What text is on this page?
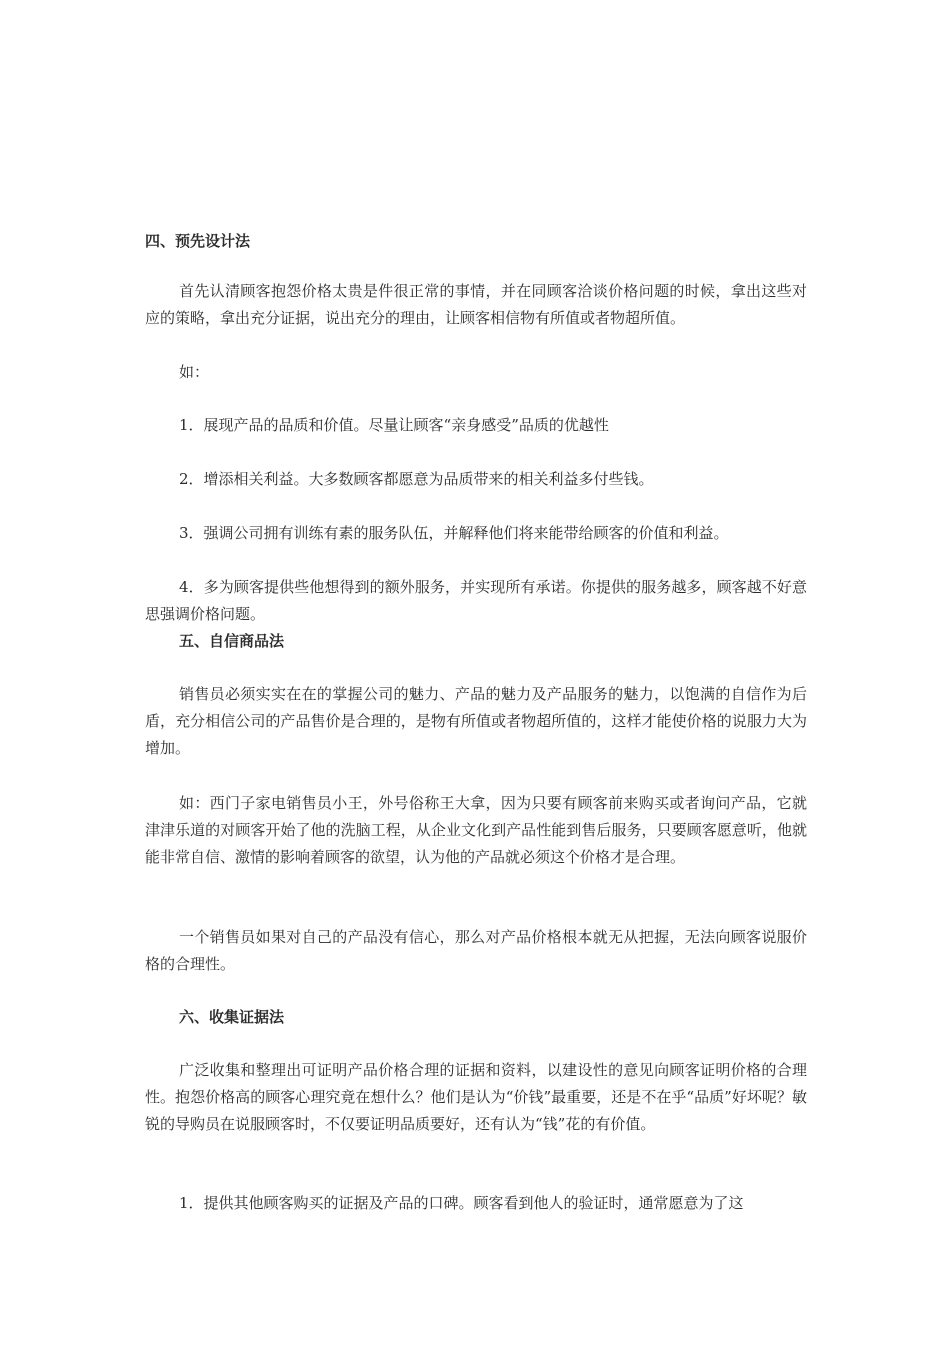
四、预先设计法

首先认清顾客抱怨价格太贵是件很正常的事情，并在同顾客洽谈价格问题的时候，拿出这些对应的策略，拿出充分证据，说出充分的理由，让顾客相信物有所值或者物超所值。

如：

1．展现产品的品质和价值。尽量让顾客“亲身感受”品质的优越性

2．增添相关利益。大多数顾客都愿意为品质带来的相关利益多付些钱。

3．强调公司拥有训练有素的服务队伍，并解释他们将来能带给顾客的价值和利益。

4．多为顾客提供些他想得到的额外服务，并实现所有承诺。你提供的服务越多，顾客越不好意思强调价格问题。

五、自信商品法

销售员必须实实在在的掌握公司的魅力、产品的魅力及产品服务的魅力，以饱满的自信作为后盾，充分相信公司的产品售价是合理的，是物有所值或者物超所值的，这样才能使价格的说服力大为增加。

如：西门子家电销售员小王，外号俗称王大拿，因为只要有顾客前来购买或者询问产品，它就津津乐道的对顾客开始了他的洗脑工程，从企业文化到产品性能到售后服务，只要顾客愿意听，他就能非常自信、激情的影响着顾客的欲望，认为他的产品就必须这个价格才是合理。

一个销售员如果对自己的产品没有信心，那么对产品价格根本就无从把握，无法向顾客说服价格的合理性。

六、收集证据法

广泛收集和整理出可证明产品价格合理的证据和资料，以建设性的意见向顾客证明价格的合理性。抱怨价格高的顾客心理究竟在想什么？他们是认为“价钱”最重要，还是不在乎“品质”好坏呢？敏锐的导购员在说服顾客时，不仅要证明品质要好，还有认为“钱”花的有价值。

1．提供其他顾客购买的证据及产品的口碑。顾客看到他人的验证时，通常愿意为了这
